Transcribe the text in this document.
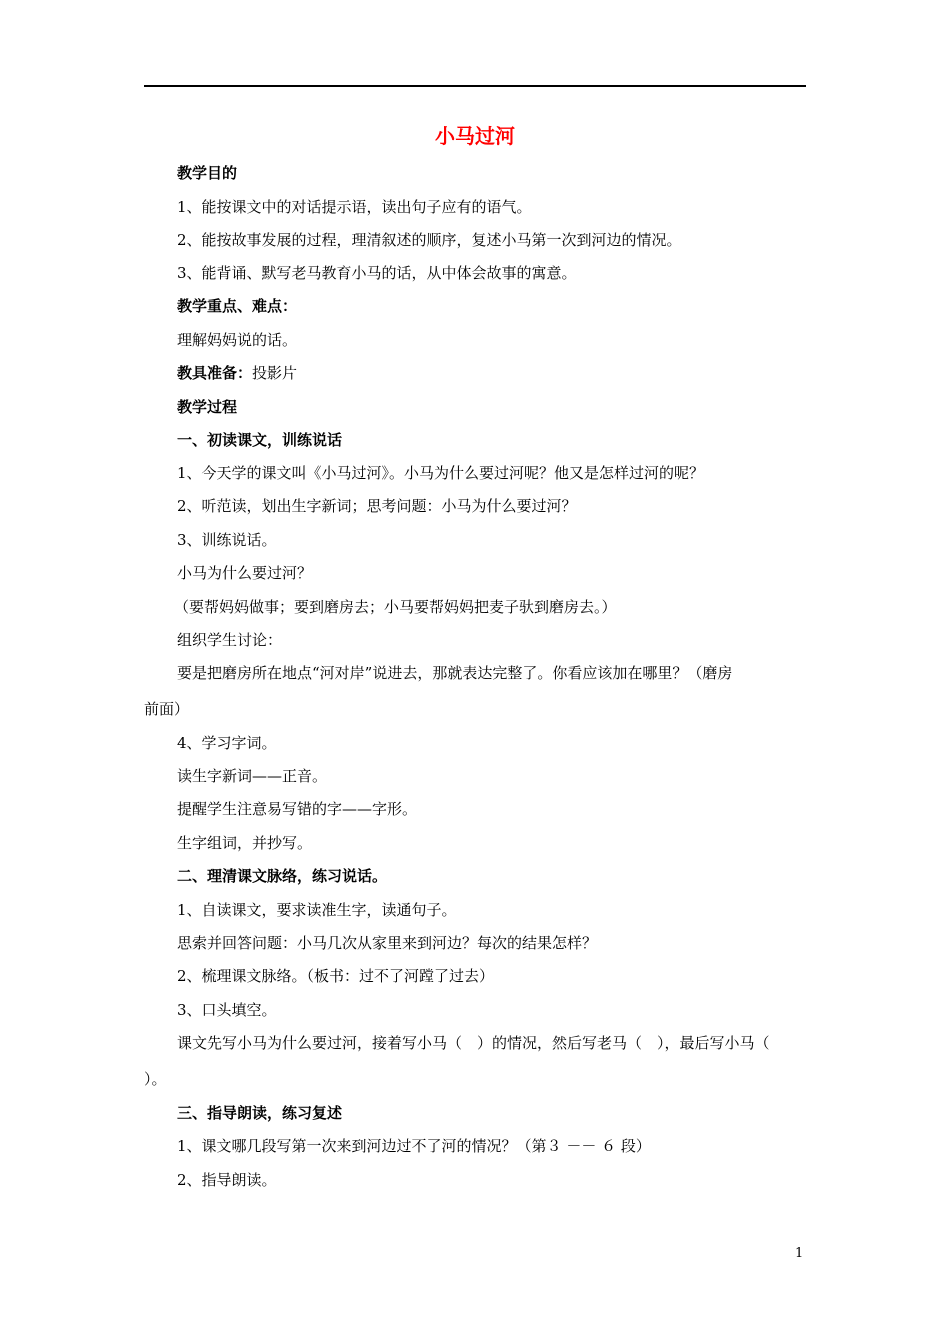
小马过河
教学目的
1、能按课文中的对话提示语，读出句子应有的语气。
2、能按故事发展的过程，理清叙述的顺序，复述小马第一次到河边的情况。
3、能背诵、默写老马教育小马的话，从中体会故事的寓意。
教学重点、难点：
理解妈妈说的话。
教具准备：投影片
教学过程
一、初读课文，训练说话
1、今天学的课文叫《小马过河》。小马为什么要过河呢？他又是怎样过河的呢？
2、听范读，划出生字新词；思考问题：小马为什么要过河？
3、训练说话。
小马为什么要过河？
（要帮妈妈做事；要到磨房去；小马要帮妈妈把麦子驮到磨房去。）
组织学生讨论：
要是把磨房所在地点“河对岸”说进去，那就表达完整了。你看应该加在哪里？（磨房
前面）
4、学习字词。
读生字新词——正音。
提醒学生注意易写错的字——字形。
生字组词，并抄写。
二、理清课文脉络，练习说话。
1、自读课文，要求读准生字，读通句子。
思索并回答问题：小马几次从家里来到河边？每次的结果怎样？
2、梳理课文脉络。（板书：过不了河蹚了过去）
3、口头填空。
课文先写小马为什么要过河，接着写小马（　）的情况，然后写老马（　），最后写小马（
）。
三、指导朗读，练习复述
1、课文哪几段写第一次来到河边过不了河的情况？（第３ －－ ６ 段）
2、指导朗读。
1
